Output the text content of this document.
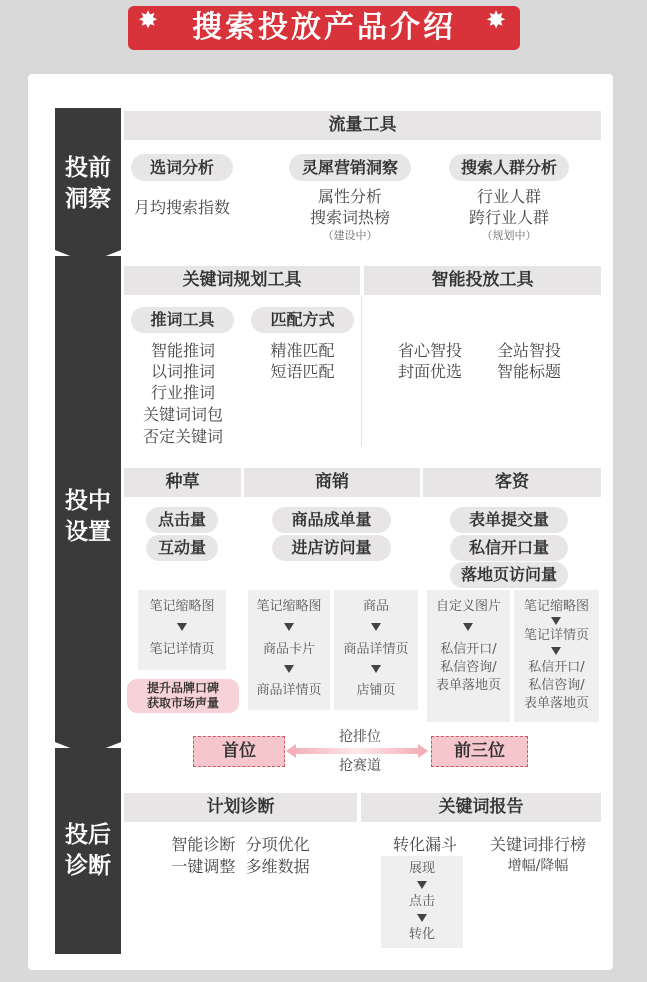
搜索投放产品介绍
✸	✸
投前
洞察
投中
设置
投后
诊断
流量工具
选词分析
月均搜索指数
灵犀营销洞察
属性分析
搜索词热榜
（建设中）
搜索人群分析
行业人群
跨行业人群
（规划中）
关键词规划工具	智能投放工具
推词工具
智能推词
以词推词
行业推词
关键词词包
否定关键词
匹配方式
精准匹配
短语匹配
省心智投
封面优选
全站智投
智能标题
种草	商销	客资
点击量
互动量
商品成单量
进店访问量
表单提交量
私信开口量
落地页访问量
笔记缩略图
笔记详情页
提升品牌口碑
获取市场声量
笔记缩略图
商品卡片
商品详情页
商品
商品详情页
店铺页
自定义图片
私信开口/
私信咨询/
表单落地页
笔记缩略图
笔记详情页
私信开口/
私信咨询/
表单落地页
首位	前三位
抢排位
抢赛道
计划诊断	关键词报告
智能诊断  分项优化
一键调整  多维数据
转化漏斗
展现
点击
转化
关键词排行榜
增幅/降幅
